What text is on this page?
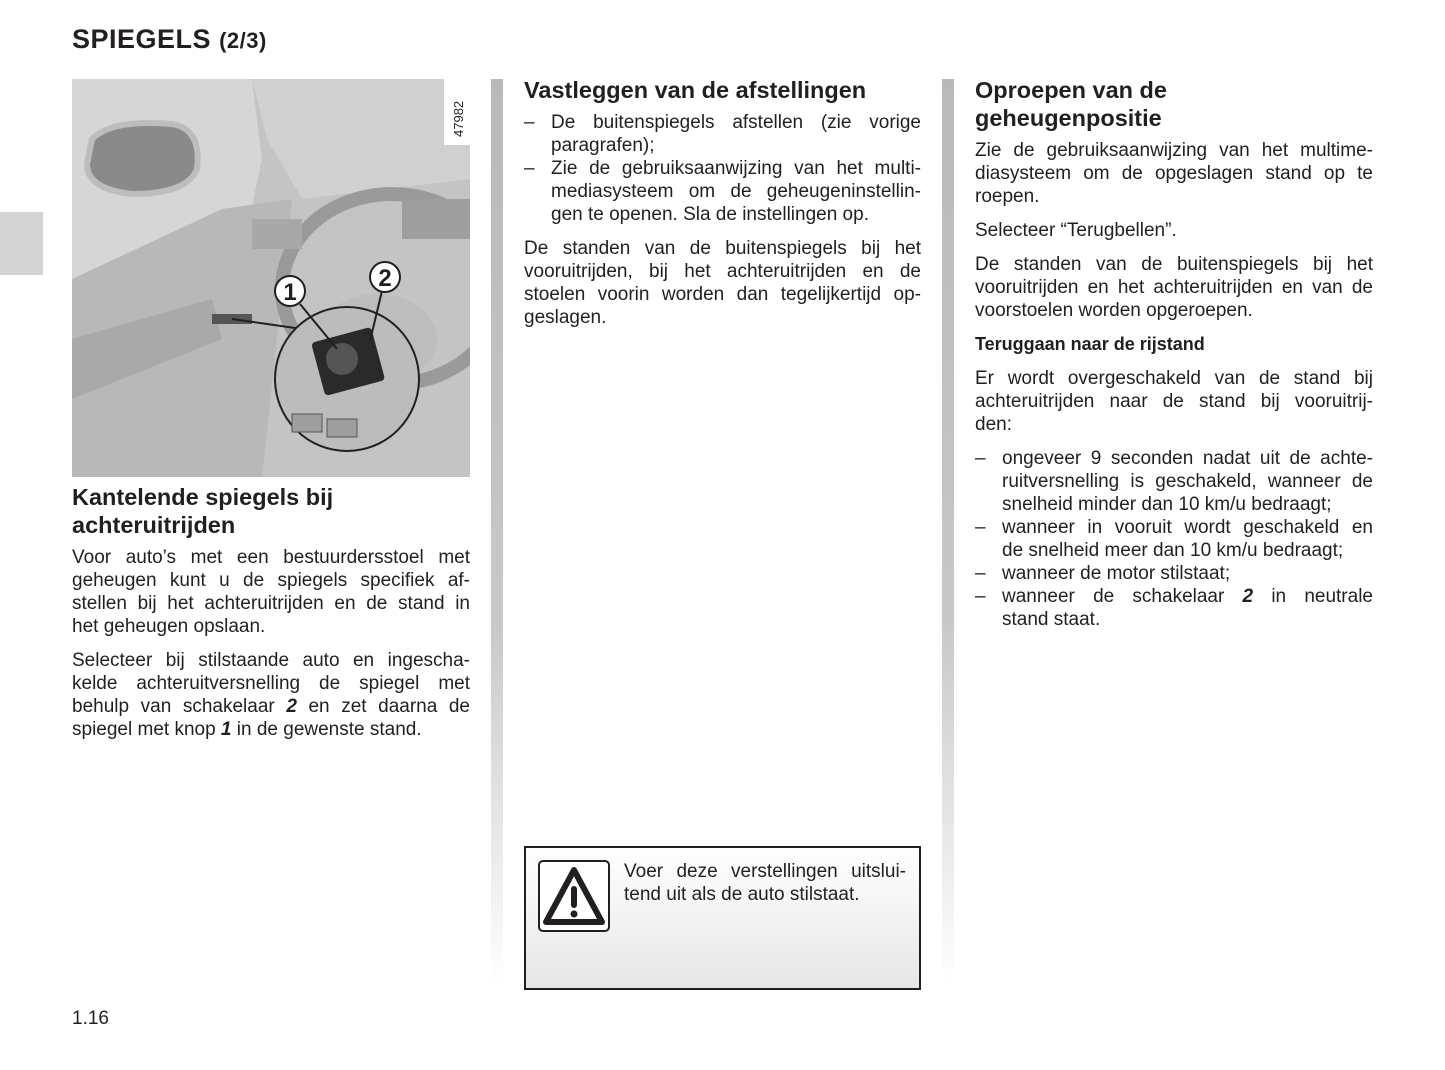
SPIEGELS (2/3)
1
2
47982
Kantelende spiegels bij
achteruitrijden
Voor auto’s met een bestuurdersstoel met
geheugen kunt u de spiegels specifiek af-
stellen bij het achteruitrijden en de stand in
het geheugen opslaan.
Selecteer bij stilstaande auto en ingescha-
kelde achteruitversnelling de spiegel met
behulp van schakelaar 2 en zet daarna de
spiegel met knop 1 in de gewenste stand.
Vastleggen van de afstellingen
– De buitenspiegels afstellen (zie vorige
paragrafen);
– Zie de gebruiksaanwijzing van het multi-
mediasysteem om de geheugeninstellin-
gen te openen. Sla de instellingen op.
De standen van de buitenspiegels bij het
vooruitrijden, bij het achteruitrijden en de
stoelen voorin worden dan tegelijkertijd op-
geslagen.
Voer deze verstellingen uitslui-
tend uit als de auto stilstaat.
Oproepen van de
geheugenpositie
Zie de gebruiksaanwijzing van het multime-
diasysteem om de opgeslagen stand op te
roepen.
Selecteer “Terugbellen”.
De standen van de buitenspiegels bij het
vooruitrijden en het achteruitrijden en van de
voorstoelen worden opgeroepen.
Teruggaan naar de rijstand
Er wordt overgeschakeld van de stand bij
achteruitrijden naar de stand bij vooruitrij-
den:
– ongeveer 9 seconden nadat uit de achte-
ruitversnelling is geschakeld, wanneer de
snelheid minder dan 10 km/u bedraagt;
– wanneer in vooruit wordt geschakeld en
de snelheid meer dan 10 km/u bedraagt;
– wanneer de motor stilstaat;
– wanneer de schakelaar 2 in neutrale
stand staat.
1.16
